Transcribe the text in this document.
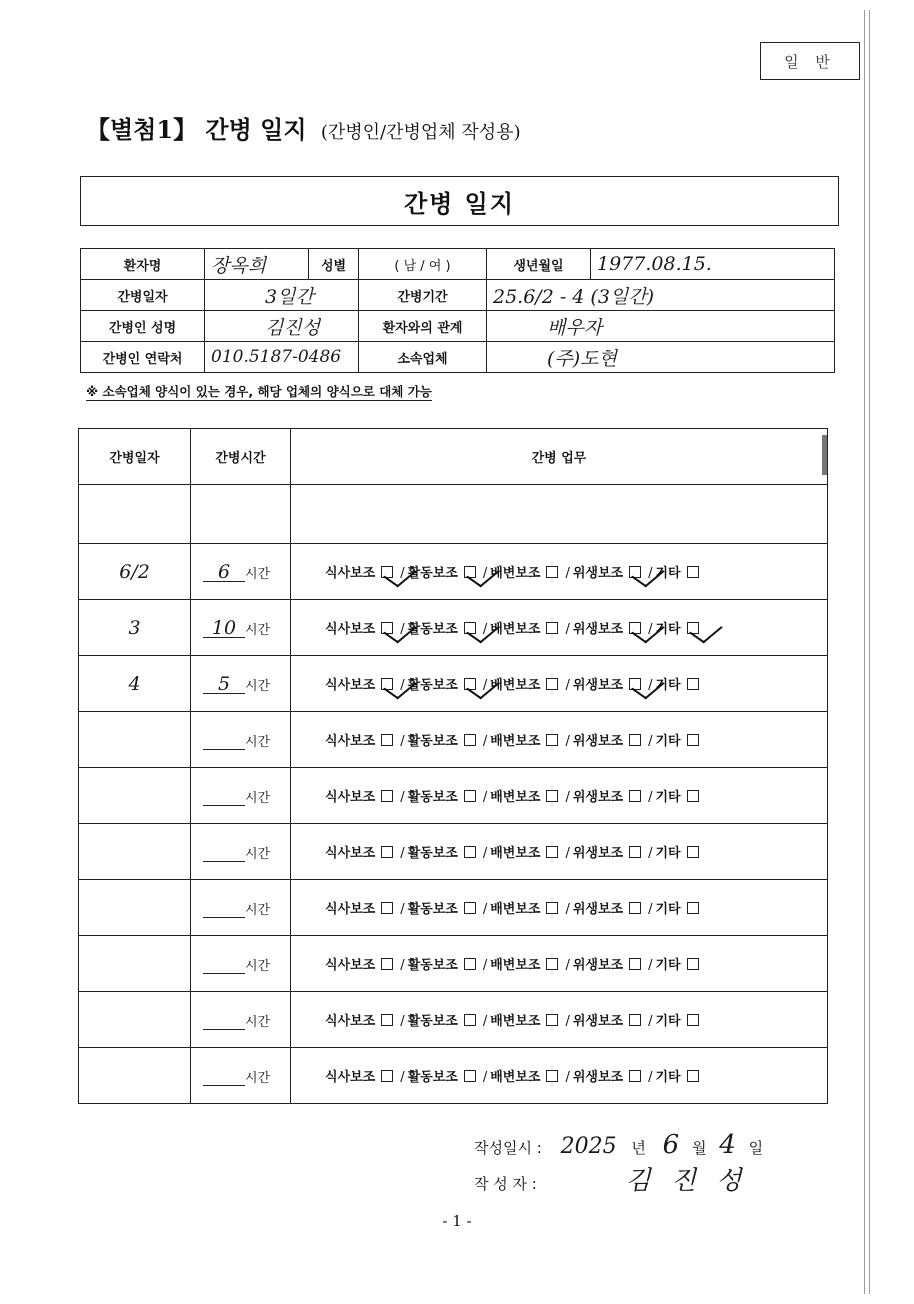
일 반
【별첨1】 간병 일지 (간병인/간병업체 작성용)
간병 일지
환자명	장옥희	성별	( 남 / 여 )	생년월일	1977.08.15.
간병일자	3일간		간병기간	25.6/2 - 4 (3일간)	
간병인 성명	김진성		환자와의 관계	배우자	
간병인 연락처	010.5187-0486		소속업체	(주)도현	
※ 소속업체 양식이 있는 경우, 해당 업체의 양식으로 대체 가능
간병일자	간병시간	간병 업무

6/2	6 시간	식사보조 / 활동보조 / 배변보조 / 위생보조 / 기타
3	10 시간	식사보조 / 활동보조 / 배변보조 / 위생보조 / 기타
4	5 시간	식사보조 / 활동보조 / 배변보조 / 위생보조 / 기타
	시간	식사보조 / 활동보조 / 배변보조 / 위생보조 / 기타
	시간	식사보조 / 활동보조 / 배변보조 / 위생보조 / 기타
	시간	식사보조 / 활동보조 / 배변보조 / 위생보조 / 기타
	시간	식사보조 / 활동보조 / 배변보조 / 위생보조 / 기타
	시간	식사보조 / 활동보조 / 배변보조 / 위생보조 / 기타
	시간	식사보조 / 활동보조 / 배변보조 / 위생보조 / 기타
	시간	식사보조 / 활동보조 / 배변보조 / 위생보조 / 기타
작성일시 : 2025 년 6 월 4 일
작 성 자 :	김 진 성
- 1 -
